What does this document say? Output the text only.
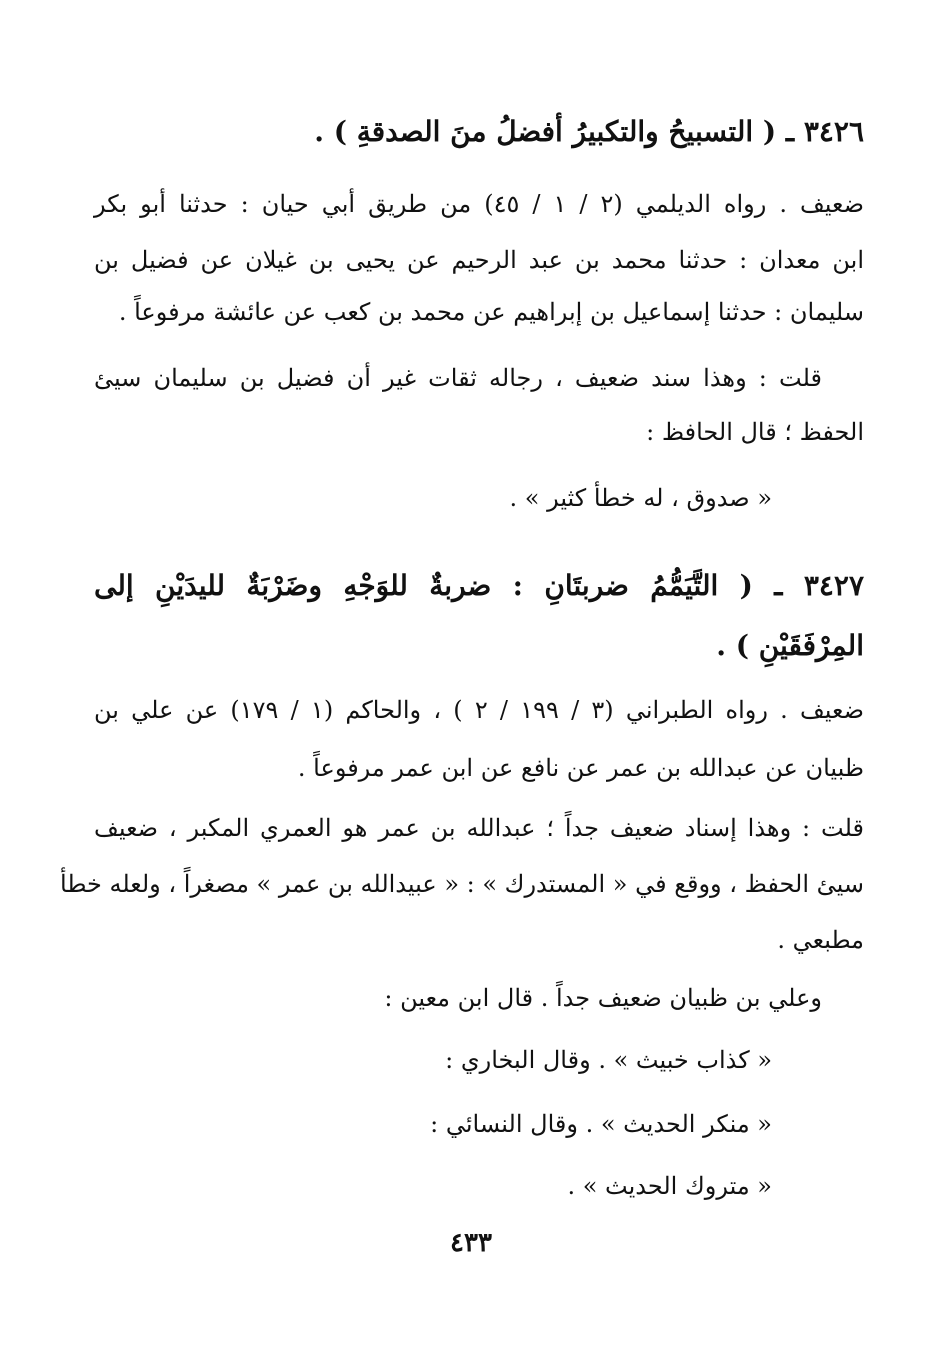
٣٤٢٦ ـ ( التسبيحُ والتكبيرُ أفضلُ منَ الصدقةِ ) .
ضعيف . رواه الديلمي (٢ / ١ / ٤٥) من طريق أبي حيان : حدثنا أبو بكر
ابن معدان : حدثنا محمد بن عبد الرحيم عن يحيى بن غيلان عن فضيل بن
سليمان : حدثنا إسماعيل بن إبراهيم عن محمد بن كعب عن عائشة مرفوعاً .
قلت : وهذا سند ضعيف ، رجاله ثقات غير أن فضيل بن سليمان سيئ
الحفظ ؛ قال الحافظ :
« صدوق ، له خطأ كثير » .
٣٤٢٧ ـ ( التَّيَمُّمُ ضربتَانِ : ضربةٌ للوَجْهِ وضَرْبَةٌ لليدَيْنِ إلى
المِرْفَقَيْنِ ) .
ضعيف . رواه الطبراني (٣ / ١٩٩ / ٢ ) ، والحاكم (١ / ١٧٩) عن علي بن
ظبيان عن عبدالله بن عمر عن نافع عن ابن عمر مرفوعاً .
قلت : وهذا إسناد ضعيف جداً ؛ عبدالله بن عمر هو العمري المكبر ، ضعيف
سيئ الحفظ ، ووقع في « المستدرك » : « عبيدالله بن عمر » مصغراً ، ولعله خطأ
مطبعي .
وعلي بن ظبيان ضعيف جداً . قال ابن معين :
« كذاب خبيث » . وقال البخاري :
« منكر الحديث » . وقال النسائي :
« متروك الحديث » .
٤٣٣
